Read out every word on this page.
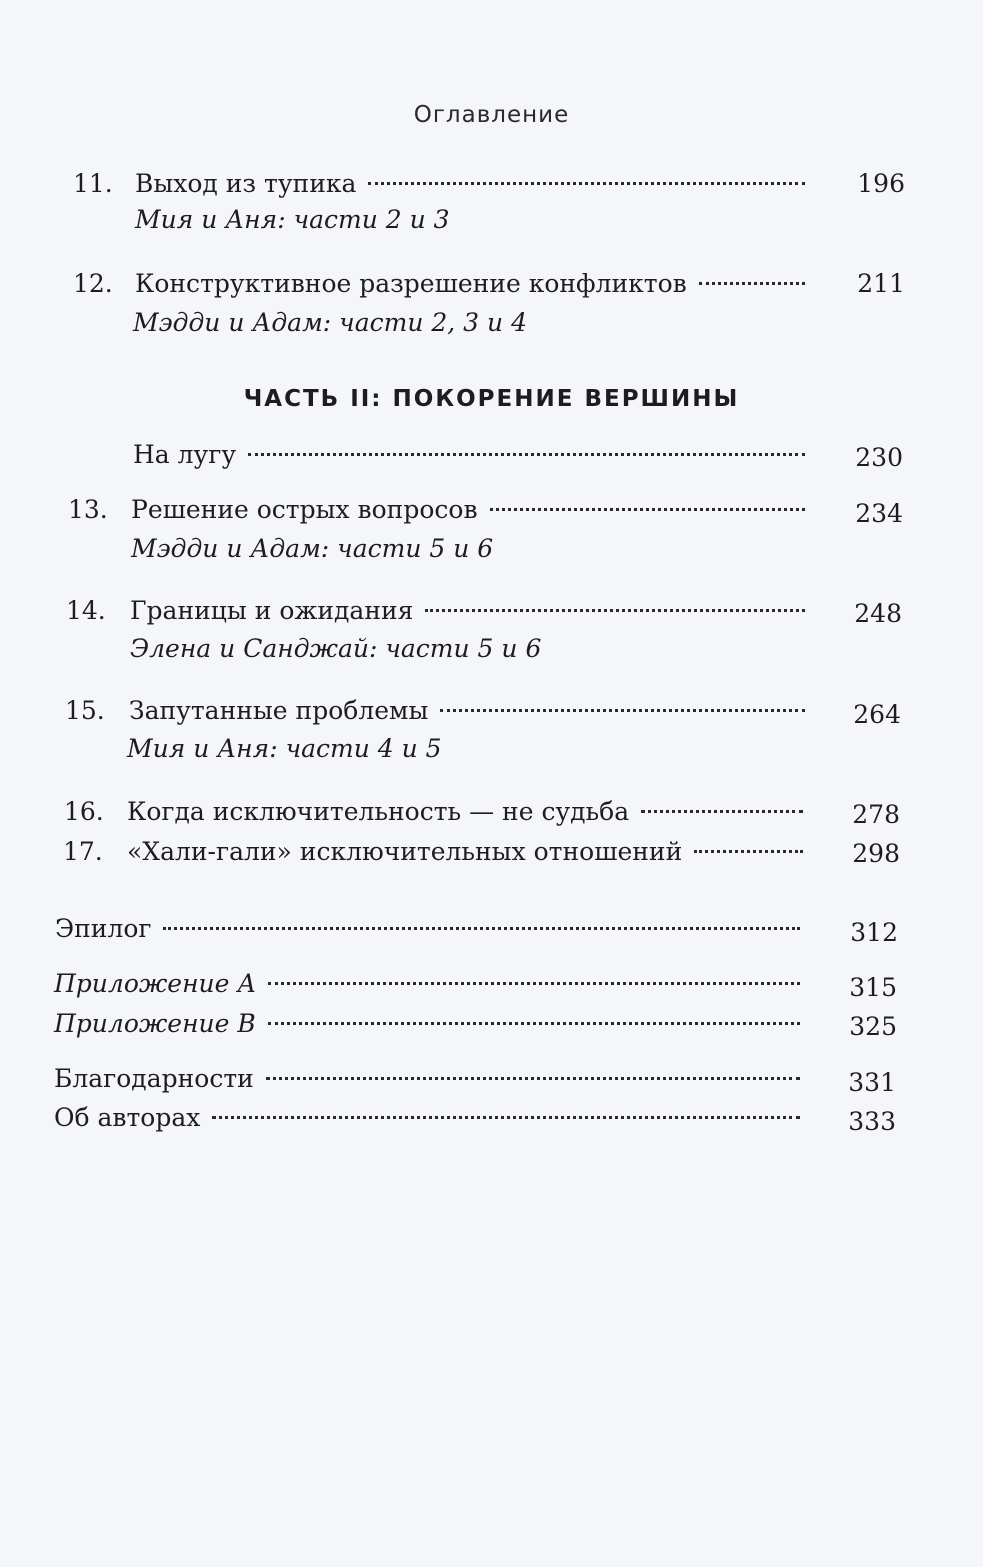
Оглавление
11. Выход из тупика	196
Мия и Аня: части 2 и 3
12. Конструктивное разрешение конфликтов	211
Мэдди и Адам: части 2, 3 и 4
ЧАСТЬ II: ПОКОРЕНИЕ ВЕРШИНЫ
На лугу	230
13. Решение острых вопросов	234
Мэдди и Адам: части 5 и 6
14. Границы и ожидания	248
Элена и Санджай: части 5 и 6
15. Запутанные проблемы	264
Мия и Аня: части 4 и 5
16. Когда исключительность — не судьба	278
17. «Хали-гали» исключительных отношений	298
Эпилог	312
Приложение А	315
Приложение В	325
Благодарности	331
Об авторах	333
